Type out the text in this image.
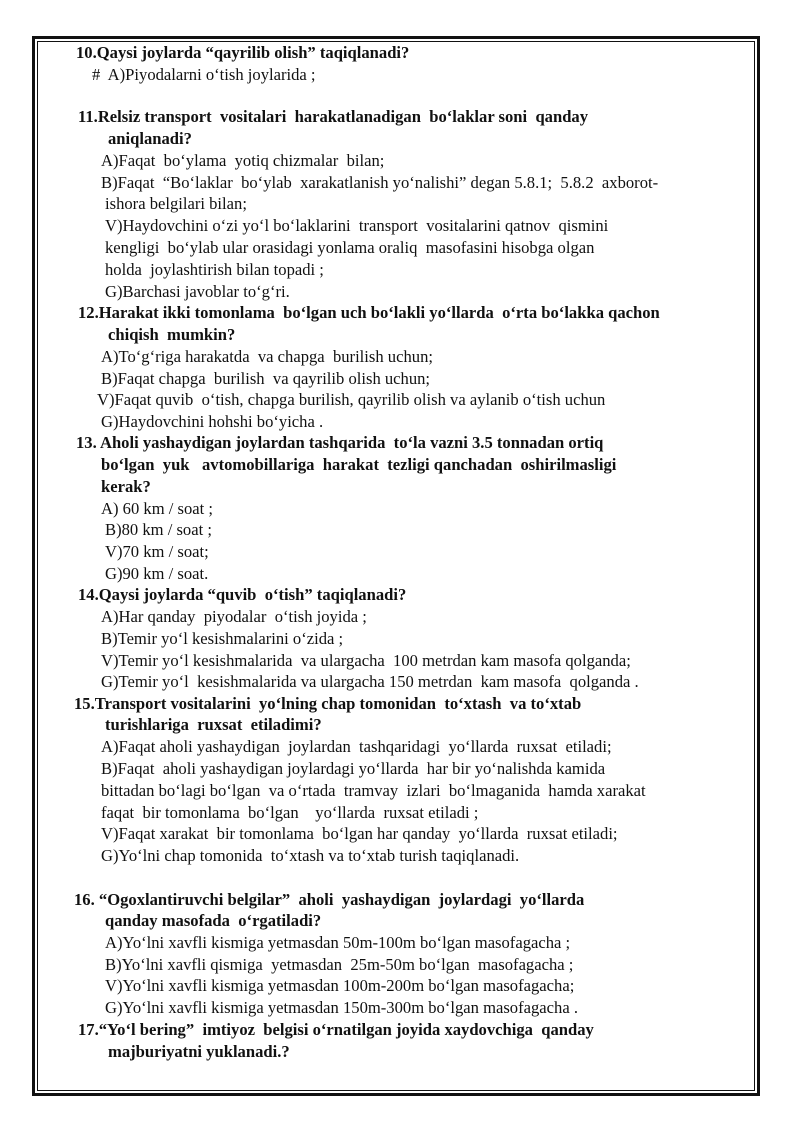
10.Qaysi joylarda “qayrilib olish” taqiqlanadi?
#  A)Piyodalarni o‘tish joylarida ;
11.Relsiz transport  vositalari  harakatlanadigan  bo‘laklar soni  qanday
aniqlanadi?
A)Faqat  bo‘ylama  yotiq chizmalar  bilan;
B)Faqat  “Bo‘laklar  bo‘ylab  xarakatlanish yo‘nalishi” degan 5.8.1;  5.8.2  axborot-
ishora belgilari bilan;
V)Haydovchini o‘zi yo‘l bo‘laklarini  transport  vositalarini qatnov  qismini
kengligi  bo‘ylab ular orasidagi yonlama oraliq  masofasini hisobga olgan
holda  joylashtirish bilan topadi ;
G)Barchasi javoblar to‘g‘ri.
12.Harakat ikki tomonlama  bo‘lgan uch bo‘lakli yo‘llarda  o‘rta bo‘lakka qachon
chiqish  mumkin?
A)To‘g‘riga harakatda  va chapga  burilish uchun;
B)Faqat chapga  burilish  va qayrilib olish uchun;
V)Faqat quvib  o‘tish, chapga burilish, qayrilib olish va aylanib o‘tish uchun
G)Haydovchini hohshi bo‘yicha .
13. Aholi yashaydigan joylardan tashqarida  to‘la vazni 3.5 tonnadan ortiq
bo‘lgan  yuk   avtomobillariga  harakat  tezligi qanchadan  oshirilmasligi
kerak?
A) 60 km / soat ;
B)80 km / soat ;
V)70 km / soat;
G)90 km / soat.
14.Qaysi joylarda “quvib  o‘tish” taqiqlanadi?
A)Har qanday  piyodalar  o‘tish joyida ;
B)Temir yo‘l kesishmalarini o‘zida ;
V)Temir yo‘l kesishmalarida  va ulargacha  100 metrdan kam masofa qolganda;
G)Temir yo‘l  kesishmalarida va ulargacha 150 metrdan  kam masofa  qolganda .
15.Transport vositalarini  yo‘lning chap tomonidan  to‘xtash  va to‘xtab
turishlariga  ruxsat  etiladimi?
A)Faqat aholi yashaydigan  joylardan  tashqaridagi  yo‘llarda  ruxsat  etiladi;
B)Faqat  aholi yashaydigan joylardagi yo‘llarda  har bir yo‘nalishda kamida
bittadan bo‘lagi bo‘lgan  va o‘rtada  tramvay  izlari  bo‘lmaganida  hamda xarakat
faqat  bir tomonlama  bo‘lgan    yo‘llarda  ruxsat etiladi ;
V)Faqat xarakat  bir tomonlama  bo‘lgan har qanday  yo‘llarda  ruxsat etiladi;
G)Yo‘lni chap tomonida  to‘xtash va to‘xtab turish taqiqlanadi.
16. “Ogoxlantiruvchi belgilar”  aholi  yashaydigan  joylardagi  yo‘llarda
qanday masofada  o‘rgatiladi?
A)Yo‘lni xavfli kismiga yetmasdan 50m-100m bo‘lgan masofagacha ;
B)Yo‘lni xavfli qismiga  yetmasdan  25m-50m bo‘lgan  masofagacha ;
V)Yo‘lni xavfli kismiga yetmasdan 100m-200m bo‘lgan masofagacha;
G)Yo‘lni xavfli kismiga yetmasdan 150m-300m bo‘lgan masofagacha .
17.“Yo‘l bering”  imtiyoz  belgisi o‘rnatilgan joyida xaydovchiga  qanday
majburiyatni yuklanadi.?
